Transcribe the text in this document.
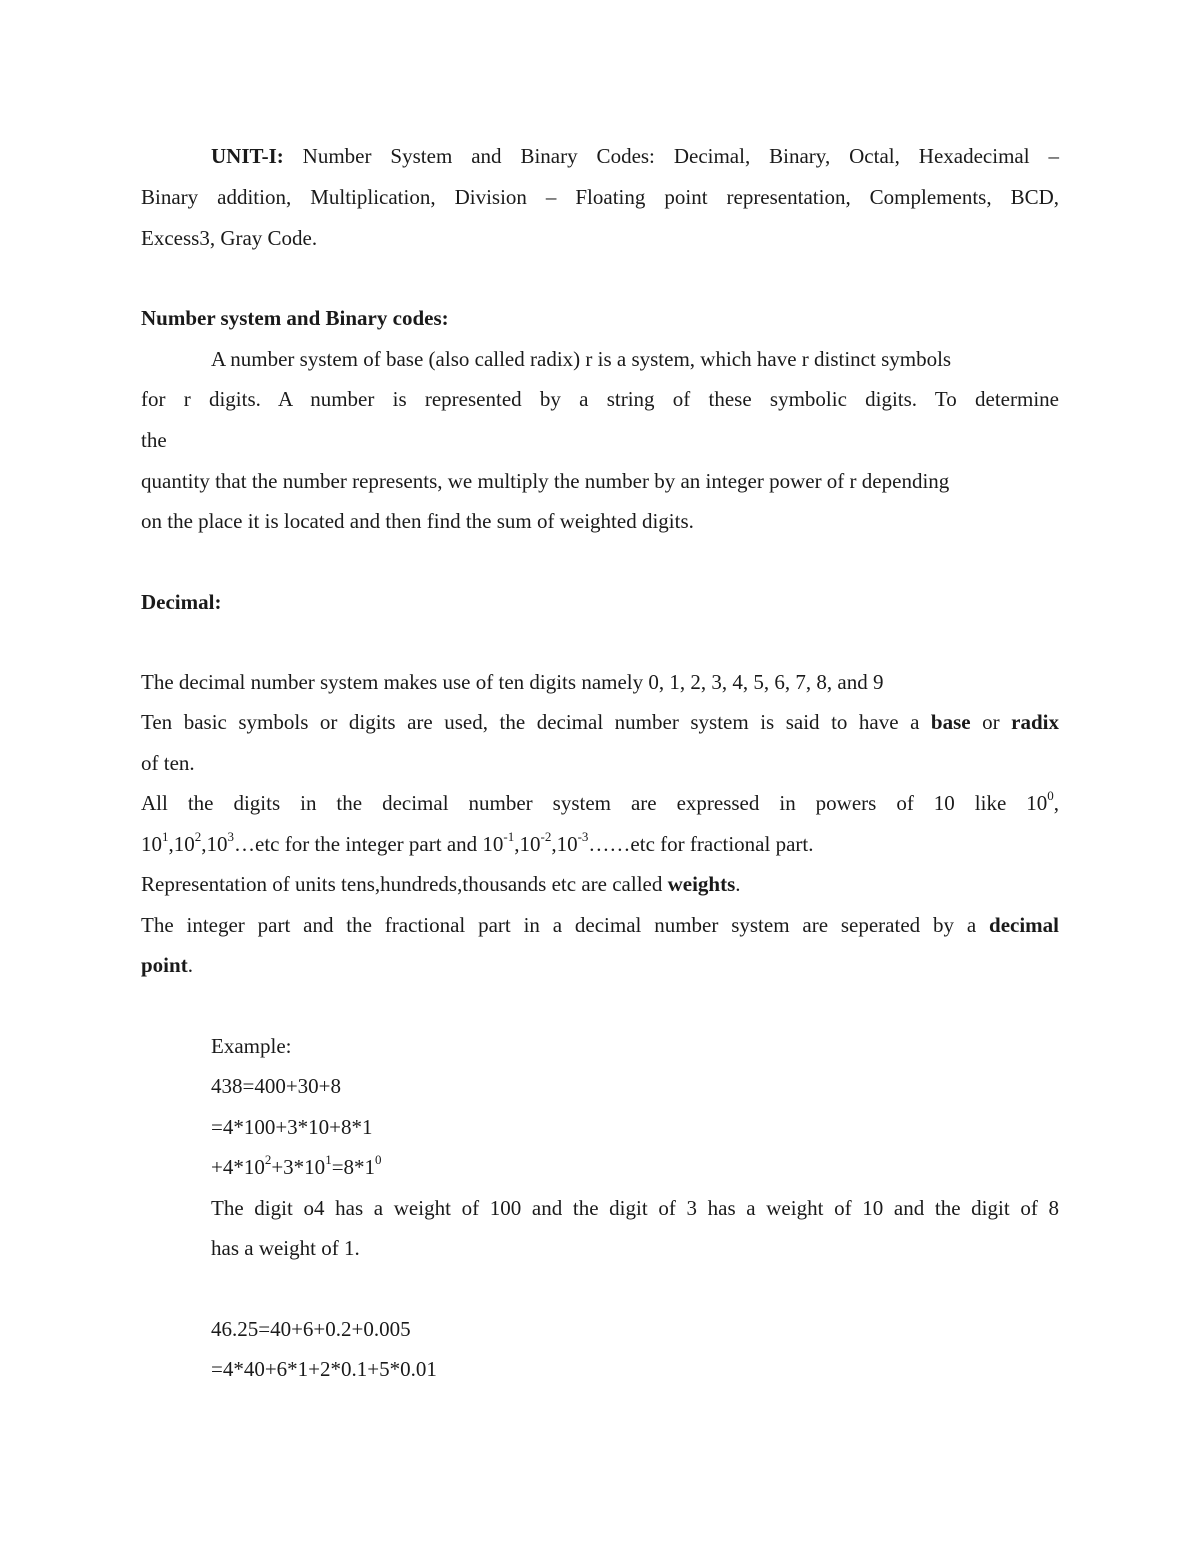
UNIT-I: Number System and Binary Codes: Decimal, Binary, Octal, Hexadecimal –
Binary addition, Multiplication, Division – Floating point representation, Complements, BCD,
Excess3, Gray Code.
Number system and Binary codes:
A number system of base (also called radix) r is a system, which have r distinct symbols
for r digits. A number is represented by a string of these symbolic digits. To determine
the
quantity that the number represents, we multiply the number by an integer power of r depending
on the place it is located and then find the sum of weighted digits.
Decimal:
The decimal number system makes use of ten digits namely 0, 1, 2, 3, 4, 5, 6, 7, 8, and 9
Ten basic symbols or digits are used, the decimal number system is said to have a base or radix
of ten.
All the digits in the decimal number system are expressed in powers of 10 like $10^0$,
$10^1,10^2,10^3\dots etc$ for the integer part and $10^{-1},10^{-2},10^{-3}\dots\dots etc$ for fractional part.
Representation of units tens,hundreds,thousands etc are called weights.
The integer part and the fractional part in a decimal number system are seperated by a decimal
point.
Example:
438=400+30+8
=4*100+3*10+8*1
$+4*10^2+3*10^1=8*1^0$
The digit o4 has a weight of 100 and the digit of 3 has a weight of 10 and the digit of 8
has a weight of 1.
46.25=40+6+0.2+0.005
=4*40+6*1+2*0.1+5*0.01
